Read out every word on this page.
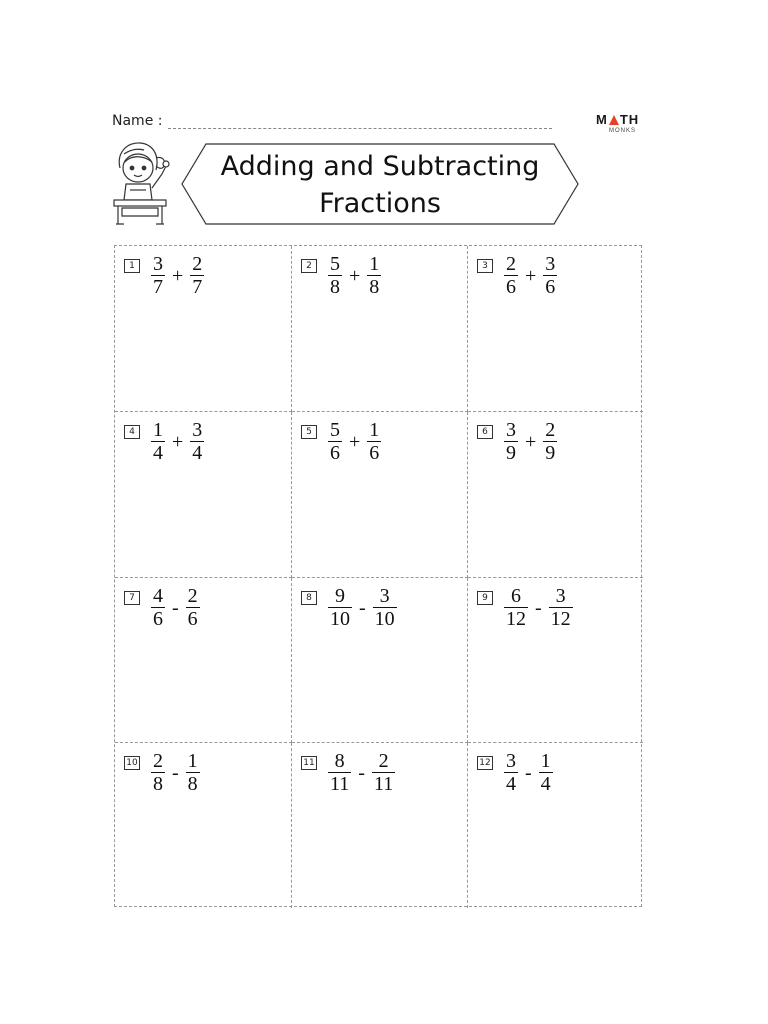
Name :	M TH
MONKS
Adding and Subtracting
Fractions
$1 \frac{3}{7} + \frac{2}{7}$	$2 \frac{5}{8} + \frac{1}{8}$	$3 \frac{2}{6} + \frac{3}{6}$
$4 \frac{1}{4} + \frac{3}{4}$	$5 \frac{5}{6} + \frac{1}{6}$	$6 \frac{3}{9} + \frac{2}{9}$
$7 \frac{4}{6} - \frac{2}{6}$	$8 \frac{9}{10} - \frac{3}{10}$	$9 \frac{6}{12} - \frac{3}{12}$
$10 \frac{2}{8} - \frac{1}{8}$	$11 \frac{8}{11} - \frac{2}{11}$	$12 \frac{3}{4} - \frac{1}{4}$
